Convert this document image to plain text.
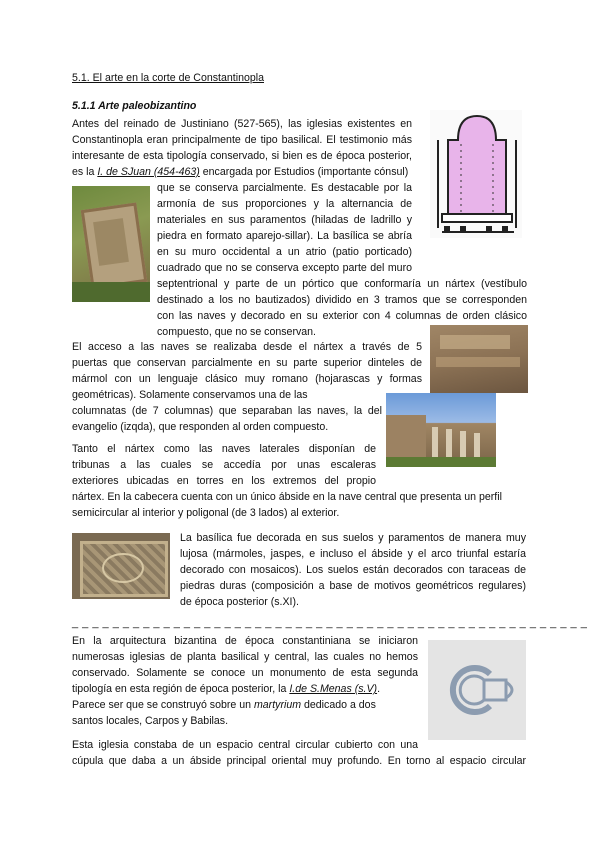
5.1. El arte en la corte de Constantinopla
5.1.1 Arte paleobizantino
Antes del reinado de Justiniano (527-565), las iglesias existentes en
Constantinopla eran principalmente de tipo basilical. El testimonio más
interesante de esta tipología conservado, si bien es de época posterior,
es la I. de SJuan (454-463) encargada por Estudios (importante cónsul)
que se conserva parcialmente. Es destacable por la
armonía de sus proporciones y la alternancia de
materiales en sus paramentos (hiladas de ladrillo y
piedra en formato aparejo-sillar). La basílica se abría
en su muro occidental a un atrio (patio porticado)
cuadrado que no se conserva excepto parte del muro
septentrional y parte de un pórtico que conformaría un nártex (vestíbulo
destinado a los no bautizados) dividido en 3 tramos que se corresponden
con las naves y decorado en su exterior con 4 columnas de orden clásico
compuesto, que no se conservan.
El acceso a las naves se realizaba desde el nártex a través de 5
puertas que conservan parcialmente en su parte superior dinteles de
mármol con un lenguaje clásico muy romano (hojarascas y formas
geométricas). Solamente conservamos una de las
columnatas (de 7 columnas) que separaban las naves, la del
evangelio (izqda), que responden al orden compuesto.
Tanto el nártex como las naves laterales disponían de
tribunas a las cuales se accedía por unas escaleras
exteriores ubicadas en torres en los extremos del propio
nártex. En la cabecera cuenta con un único ábside en la nave central que presenta un perfil
semicircular al interior y poligonal (de 3 lados) al exterior.
La basílica fue decorada en sus suelos y paramentos de manera muy
lujosa (mármoles, jaspes, e incluso el ábside y el arco triunfal estaría
decorado con mosaicos). Los suelos están decorados con taraceas de
piedras duras (composición a base de motivos geométricos regulares)
de época posterior (s.XI).
_ _ _ _ _ _ _ _ _ _ _ _ _ _ _ _ _ _ _ _ _ _ _ _ _ _ _ _ _ _ _ _ _ _ _ _ _ _ _ _ _ _ _ _ _ _ _ _ _ _ _
En la arquitectura bizantina de época constantiniana se iniciaron
numerosas iglesias de planta basilical y central, las cuales no hemos
conservado. Solamente se conoce un monumento de esta segunda
tipología en esta región de época posterior, la I.de S.Menas (s.V).
Parece ser que se construyó sobre un martyrium dedicado a dos
santos locales, Carpos y Babilas.
Esta iglesia constaba de un espacio central circular cubierto con una
cúpula que daba a un ábside principal oriental muy profundo. En torno al espacio circular
